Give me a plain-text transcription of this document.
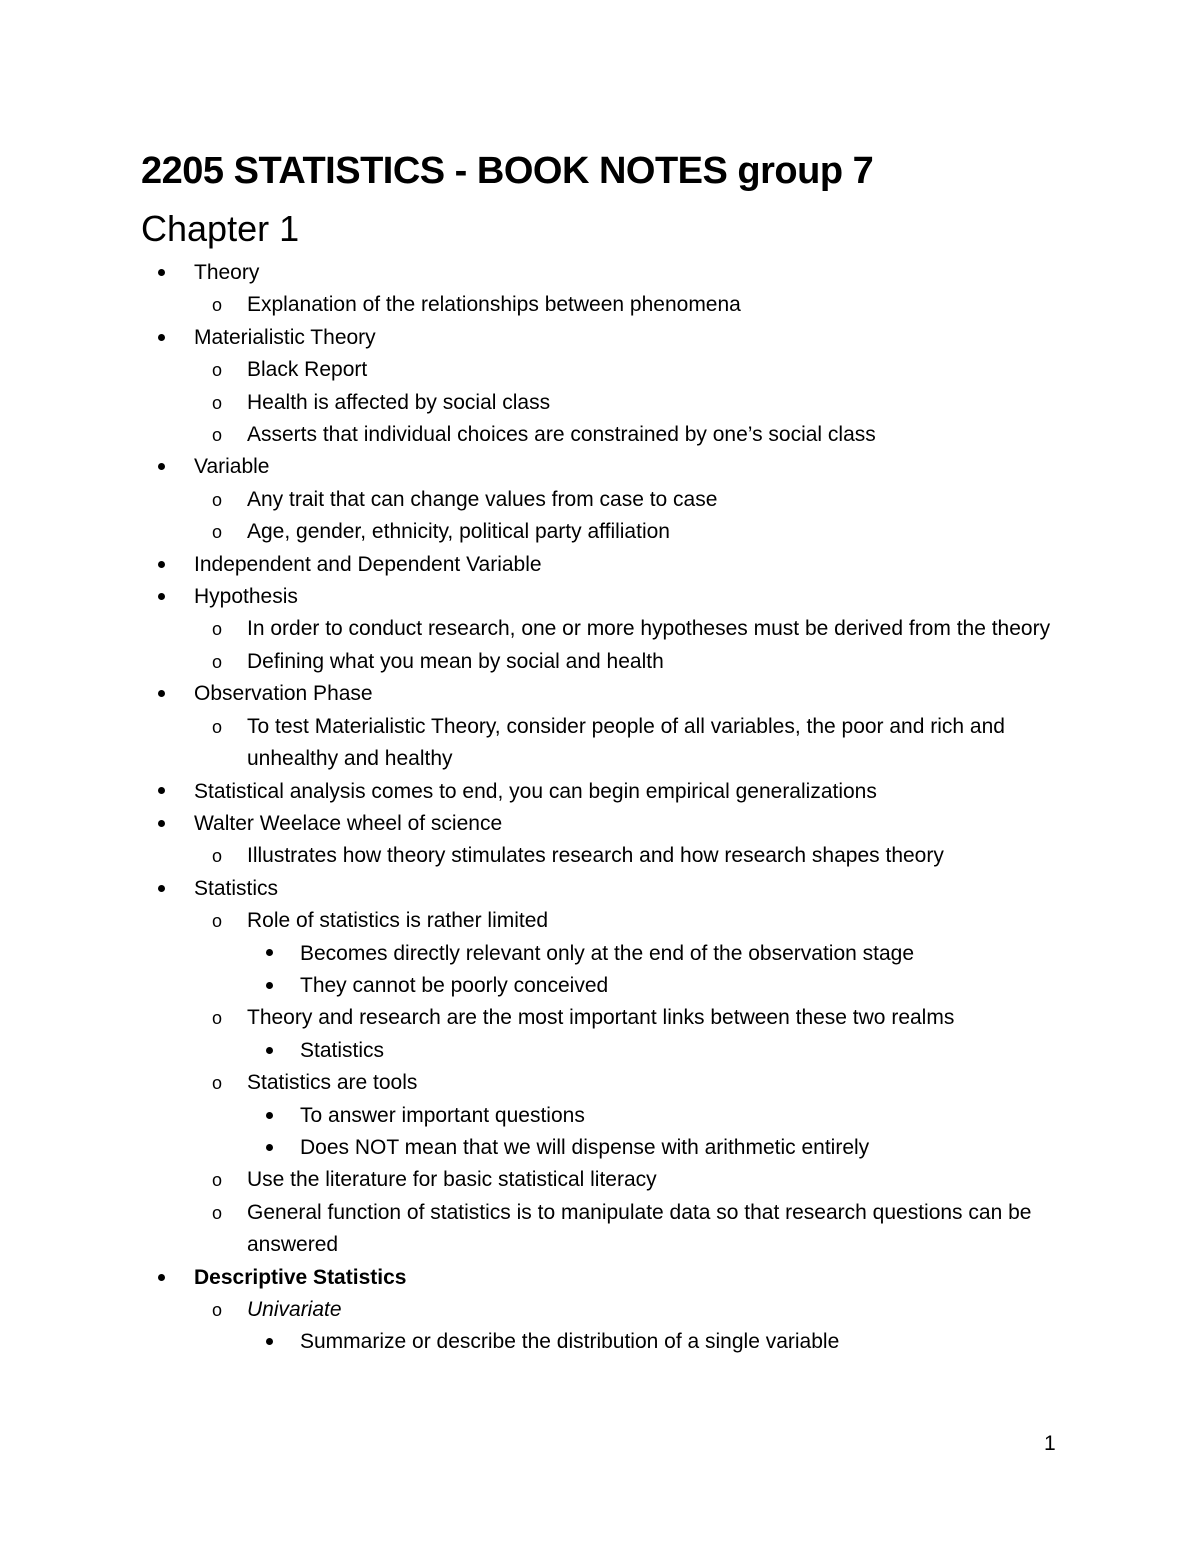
2205 STATISTICS - BOOK NOTES group 7
Chapter 1
Theory
o Explanation of the relationships between phenomena
Materialistic Theory
o Black Report
o Health is affected by social class
o Asserts that individual choices are constrained by one’s social class
Variable
o Any trait that can change values from case to case
o Age, gender, ethnicity, political party affiliation
Independent and Dependent Variable
Hypothesis
o In order to conduct research, one or more hypotheses must be derived from the theory
o Defining what you mean by social and health
Observation Phase
o To test Materialistic Theory, consider people of all variables, the poor and rich and unhealthy and healthy
Statistical analysis comes to end, you can begin empirical generalizations
Walter Weelace wheel of science
o Illustrates how theory stimulates research and how research shapes theory
Statistics
o Role of statistics is rather limited
Becomes directly relevant only at the end of the observation stage
They cannot be poorly conceived
o Theory and research are the most important links between these two realms
Statistics
o Statistics are tools
To answer important questions
Does NOT mean that we will dispense with arithmetic entirely
o Use the literature for basic statistical literacy
o General function of statistics is to manipulate data so that research questions can be answered
Descriptive Statistics
o Univariate
Summarize or describe the distribution of a single variable
1
